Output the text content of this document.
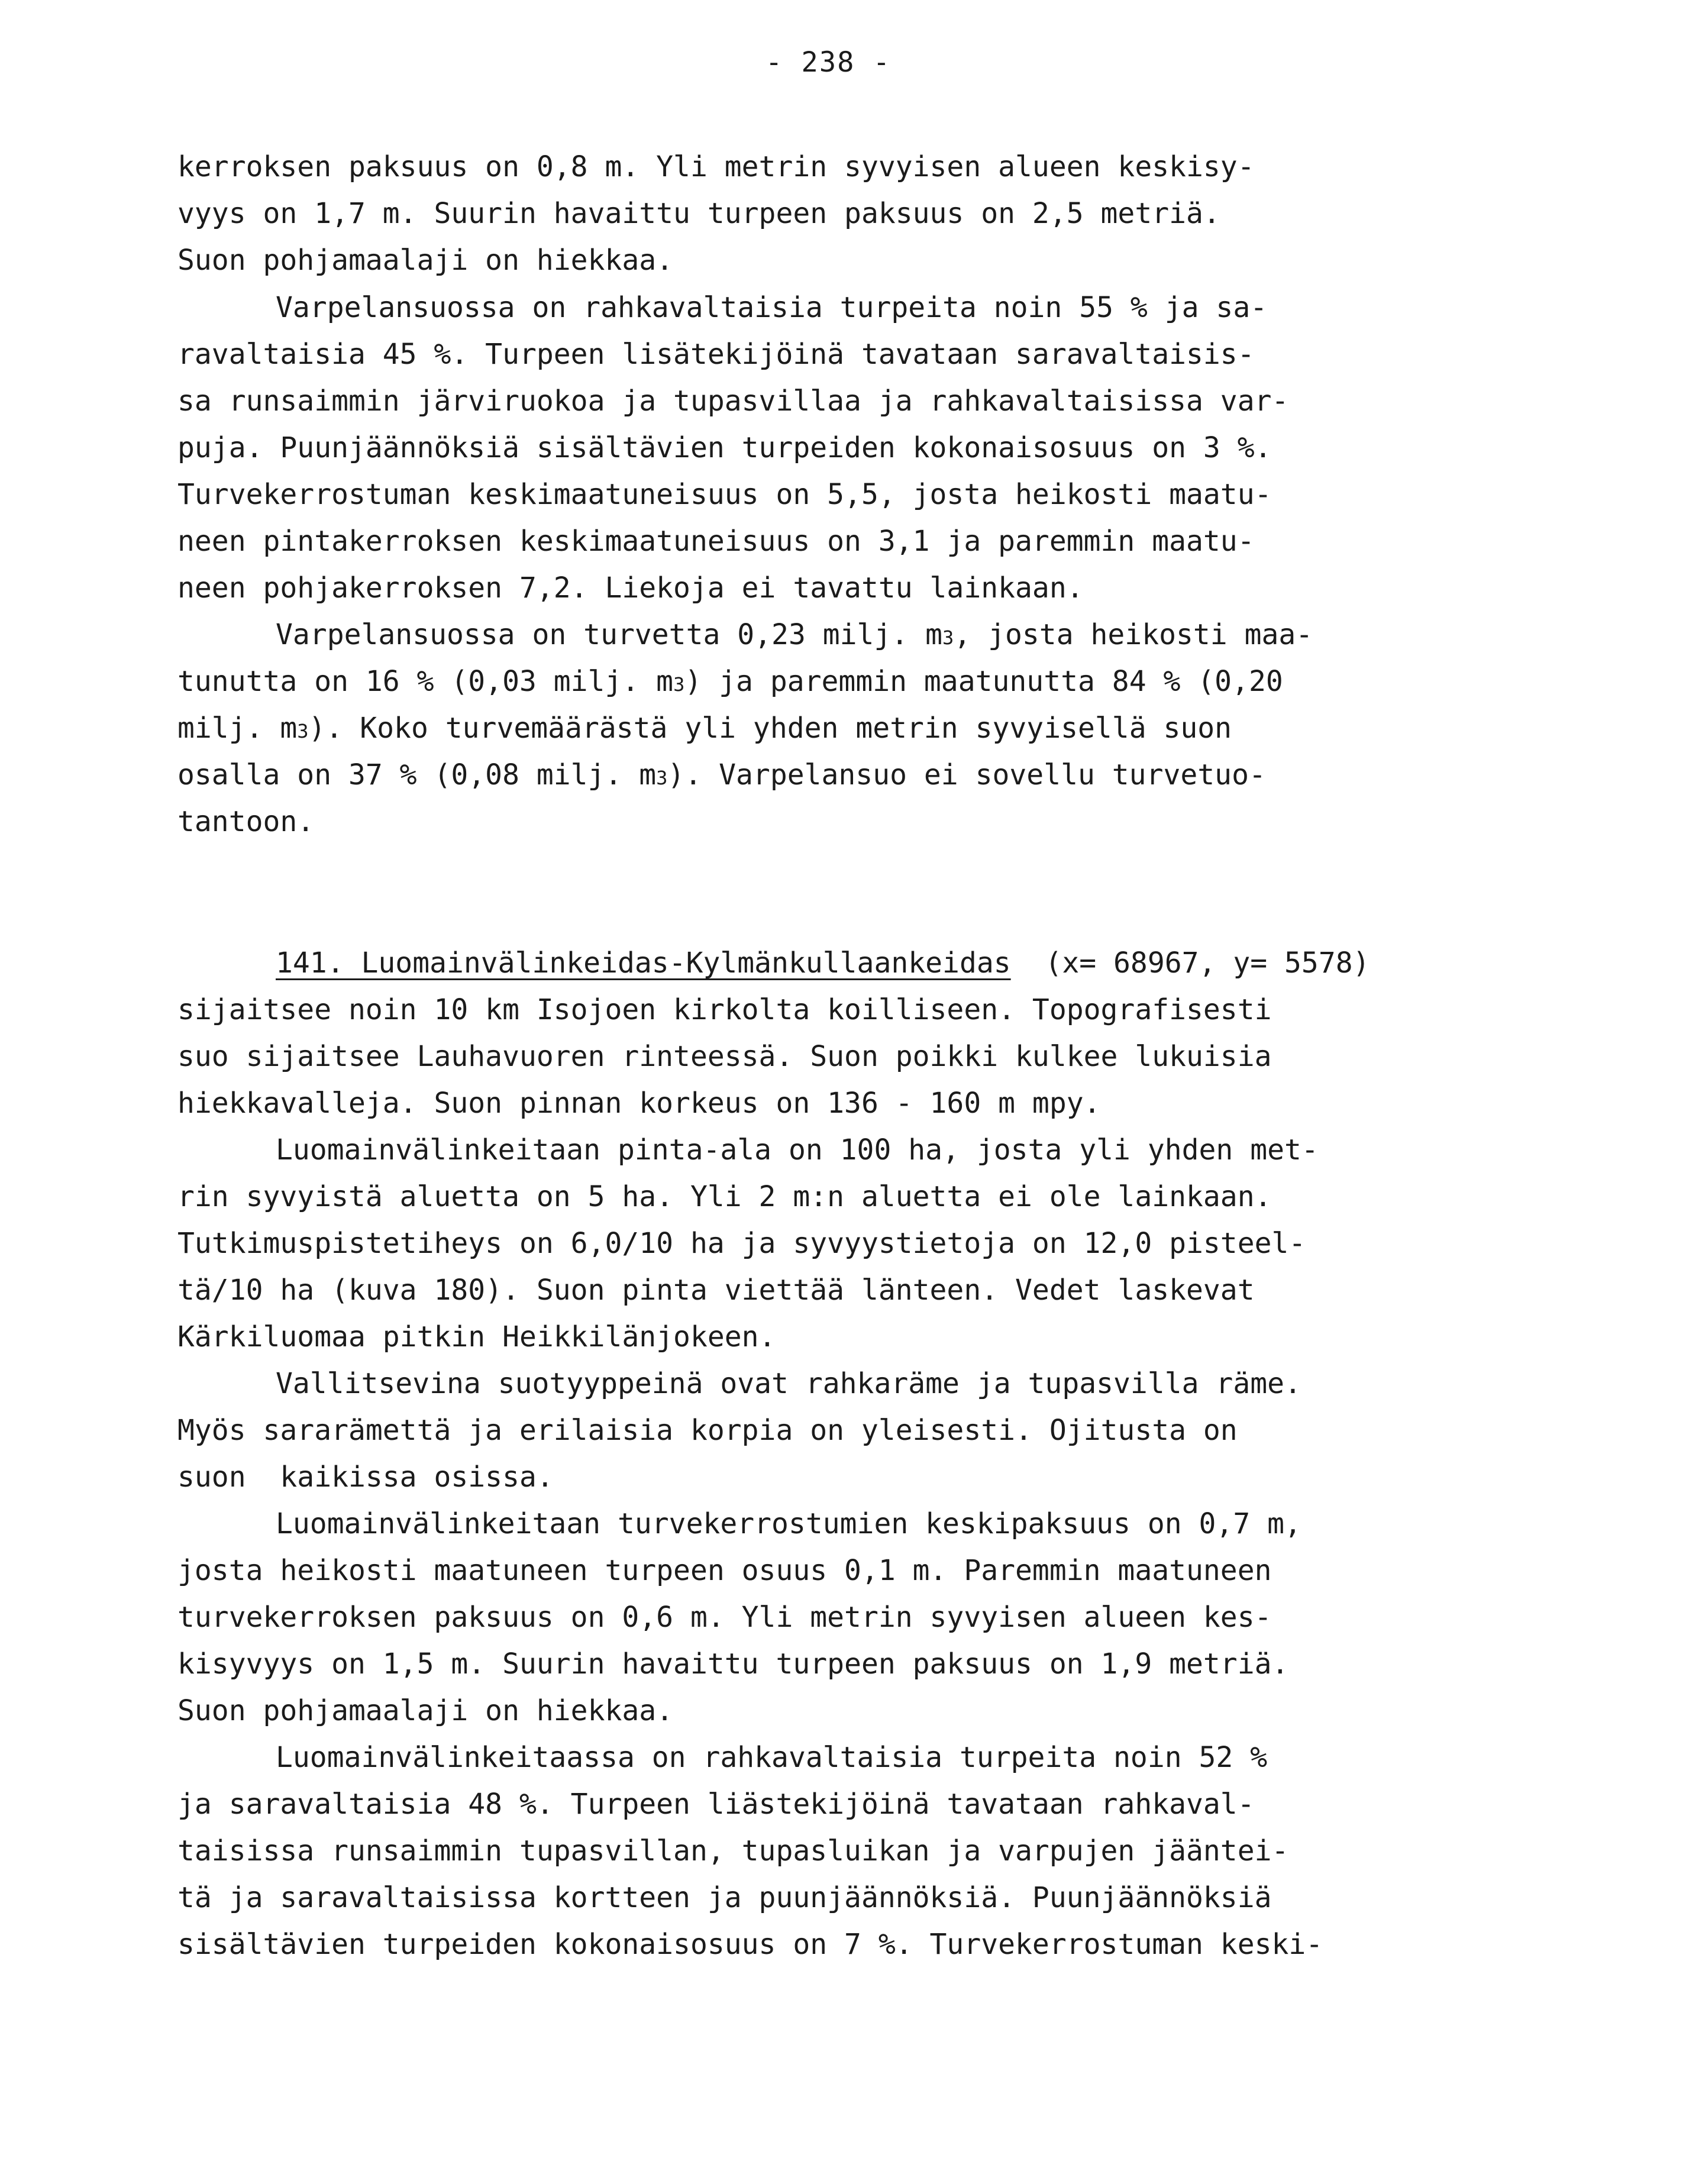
- 238 -

kerroksen paksuus on 0,8 m. Yli metrin syvyisen alueen keskisy-

vyys on 1,7 m. Suurin havaittu turpeen paksuus on 2,5 metriä.

Suon pohjamaalaji on hiekkaa.

Varpelansuossa on rahkavaltaisia turpeita noin 55 % ja sa-

ravaltaisia 45 %. Turpeen lisätekijöinä tavataan saravaltaisis-

sa runsaimmin järviruokoa ja tupasvillaa ja rahkavaltaisissa var-

puja. Puunjäännöksiä sisältävien turpeiden kokonaisosuus on 3 %.

Turvekerrostuman keskimaatuneisuus on 5,5, josta heikosti maatu-

neen pintakerroksen keskimaatuneisuus on 3,1 ja paremmin maatu-

neen pohjakerroksen 7,2. Liekoja ei tavattu lainkaan.

Varpelansuossa on turvetta 0,23 milj. $m^3$, josta heikosti maa-

tunutta on 16 % (0,03 milj. $m^3$) ja paremmin maatunutta 84 % (0,20

milj. $m^3$). Koko turvemäärästä yli yhden metrin syvyisellä suon

osalla on 37 % (0,08 milj. $m^3$). Varpelansuo ei sovellu turvetuo-

tantoon.

141. Luomainvälinkeidas-Kylmänkullaankeidas (x= 68967, y= 5578)

sijaitsee noin 10 km Isojoen kirkolta koilliseen. Topografisesti

suo sijaitsee Lauhavuoren rinteessä. Suon poikki kulkee lukuisia

hiekkavalleja. Suon pinnan korkeus on 136 - 160 m mpy.

Luomainvälinkeitaan pinta-ala on 100 ha, josta yli yhden met-

rin syvyistä aluetta on 5 ha. Yli 2 m:n aluetta ei ole lainkaan.

Tutkimuspistetiheys on 6,0/10 ha ja syvyystietoja on 12,0 pisteel-

tä/10 ha (kuva 180). Suon pinta viettää länteen. Vedet laskevat

Kärkiluomaa pitkin Heikkilänjokeen.

Vallitsevina suotyyppeinä ovat rahkaräme ja tupasvilla räme.

Myös sararämettä ja erilaisia korpia on yleisesti. Ojitusta on

suon  kaikissa osissa.

Luomainvälinkeitaan turvekerrostumien keskipaksuus on 0,7 m,

josta heikosti maatuneen turpeen osuus 0,1 m. Paremmin maatuneen

turvekerroksen paksuus on 0,6 m. Yli metrin syvyisen alueen kes-

kisyvyys on 1,5 m. Suurin havaittu turpeen paksuus on 1,9 metriä.

Suon pohjamaalaji on hiekkaa.

Luomainvälinkeitaassa on rahkavaltaisia turpeita noin 52 %

ja saravaltaisia 48 %. Turpeen liästekijöinä tavataan rahkaval-

taisissa runsaimmin tupasvillan, tupasluikan ja varpujen jääntei-

tä ja saravaltaisissa kortteen ja puunjäännöksiä. Puunjäännöksiä

sisältävien turpeiden kokonaisosuus on 7 %. Turvekerrostuman keski-
